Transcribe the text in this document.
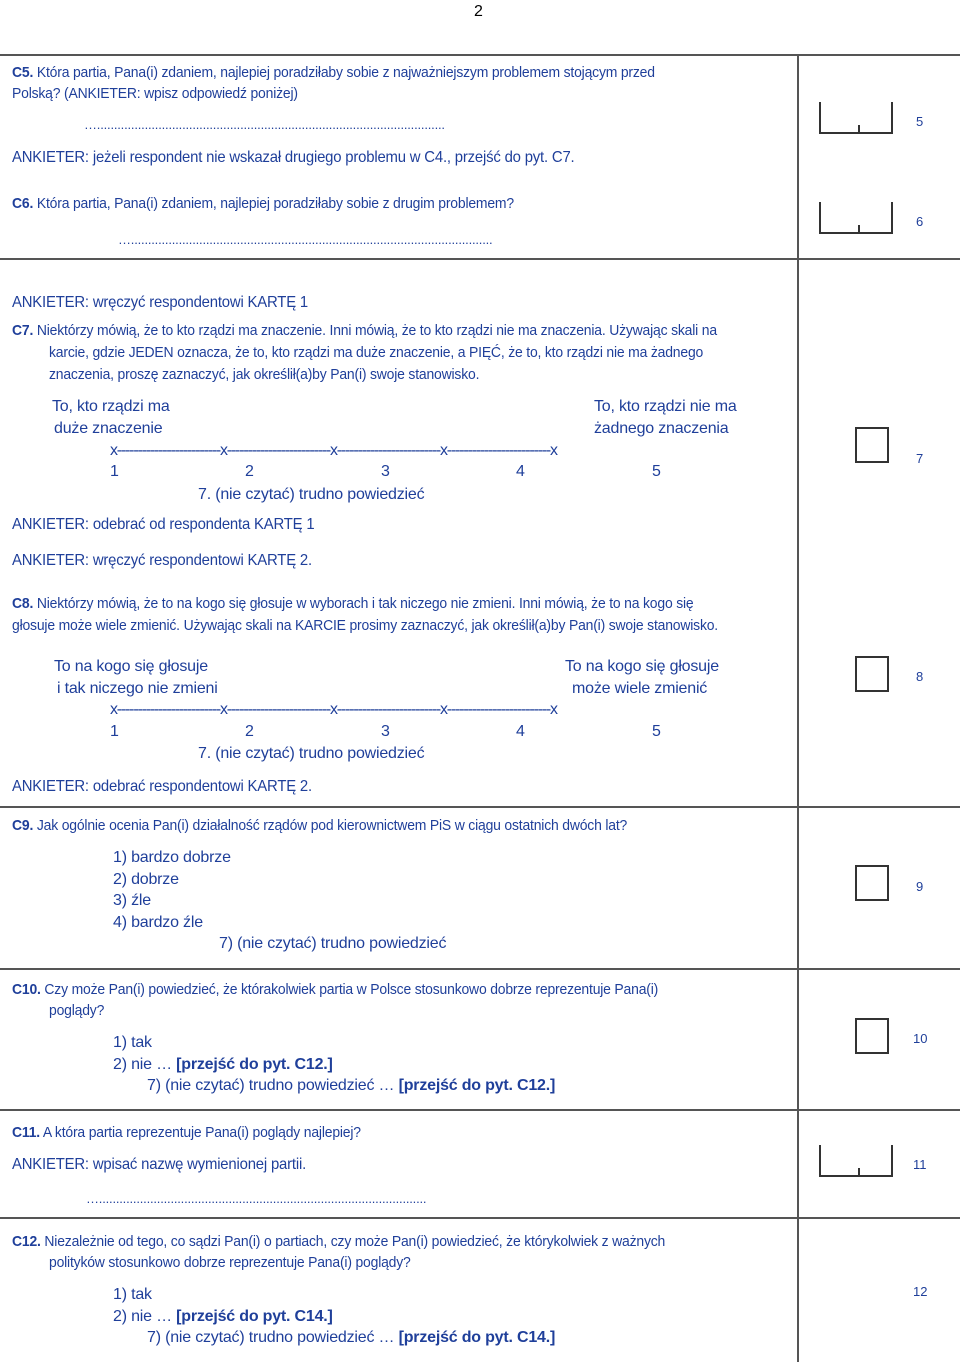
2
C5. Która partia, Pana(i) zdaniem, najlepiej poradziłaby sobie z najważniejszym problemem stojącym przed
Polską? (ANKIETER: wpisz odpowiedź poniżej)
…......................................................................................................
ANKIETER: jeżeli respondent nie wskazał drugiego problemu w C4., przejść do pyt. C7.
5
C6. Która partia, Pana(i) zdaniem, najlepiej poradziłaby sobie z drugim problemem?
…..........................................................................................................
6
ANKIETER: wręczyć respondentowi KARTĘ 1
C7. Niektórzy mówią, że to kto rządzi ma znaczenie. Inni mówią, że to kto rządzi nie ma znaczenia. Używając skali na
karcie, gdzie JEDEN oznacza, że to, kto rządzi ma duże znaczenie, a PIĘĆ, że to, kto rządzi nie ma żadnego
znaczenia, proszę zaznaczyć, jak określił(a)by Pan(i) swoje stanowisko.
To, kto rządzi ma
duże znaczenie
To, kto rządzi nie ma
żadnego znaczenia
x-------------------------x-------------------------x-------------------------x-------------------------x
1	2	3	4	5
7. (nie czytać) trudno powiedzieć
ANKIETER: odebrać od respondenta KARTĘ 1
7
ANKIETER: wręczyć respondentowi KARTĘ 2.
C8. Niektórzy mówią, że to na kogo się głosuje w wyborach i tak niczego nie zmieni. Inni mówią, że to na kogo się
głosuje może wiele zmienić. Używając skali na KARCIE prosimy zaznaczyć, jak określił(a)by Pan(i) swoje stanowisko.
To na kogo się głosuje
i tak niczego nie zmieni
To na kogo się głosuje
może wiele zmienić
x-------------------------x-------------------------x-------------------------x-------------------------x
1	2	3	4	5
7. (nie czytać) trudno powiedzieć
ANKIETER: odebrać respondentowi KARTĘ 2.
8
C9. Jak ogólnie ocenia Pan(i) działalność rządów pod kierownictwem PiS w ciągu ostatnich dwóch lat?
1) bardzo dobrze
2) dobrze
3) źle
4) bardzo źle
7) (nie czytać) trudno powiedzieć
9
C10. Czy może Pan(i) powiedzieć, że którakolwiek partia w Polsce stosunkowo dobrze reprezentuje Pana(i)
poglądy?
1) tak
2) nie … [przejść do pyt. C12.]
7) (nie czytać) trudno powiedzieć … [przejść do pyt. C12.]
10
C11. A która partia reprezentuje Pana(i) poglądy najlepiej?
ANKIETER: wpisać nazwę wymienionej partii.
…................................................................................................
11
C12. Niezależnie od tego, co sądzi Pan(i) o partiach, czy może Pan(i) powiedzieć, że którykolwiek z ważnych
polityków stosunkowo dobrze reprezentuje Pana(i) poglądy?
1) tak
2) nie … [przejść do pyt. C14.]
7) (nie czytać) trudno powiedzieć … [przejść do pyt. C14.]
12
